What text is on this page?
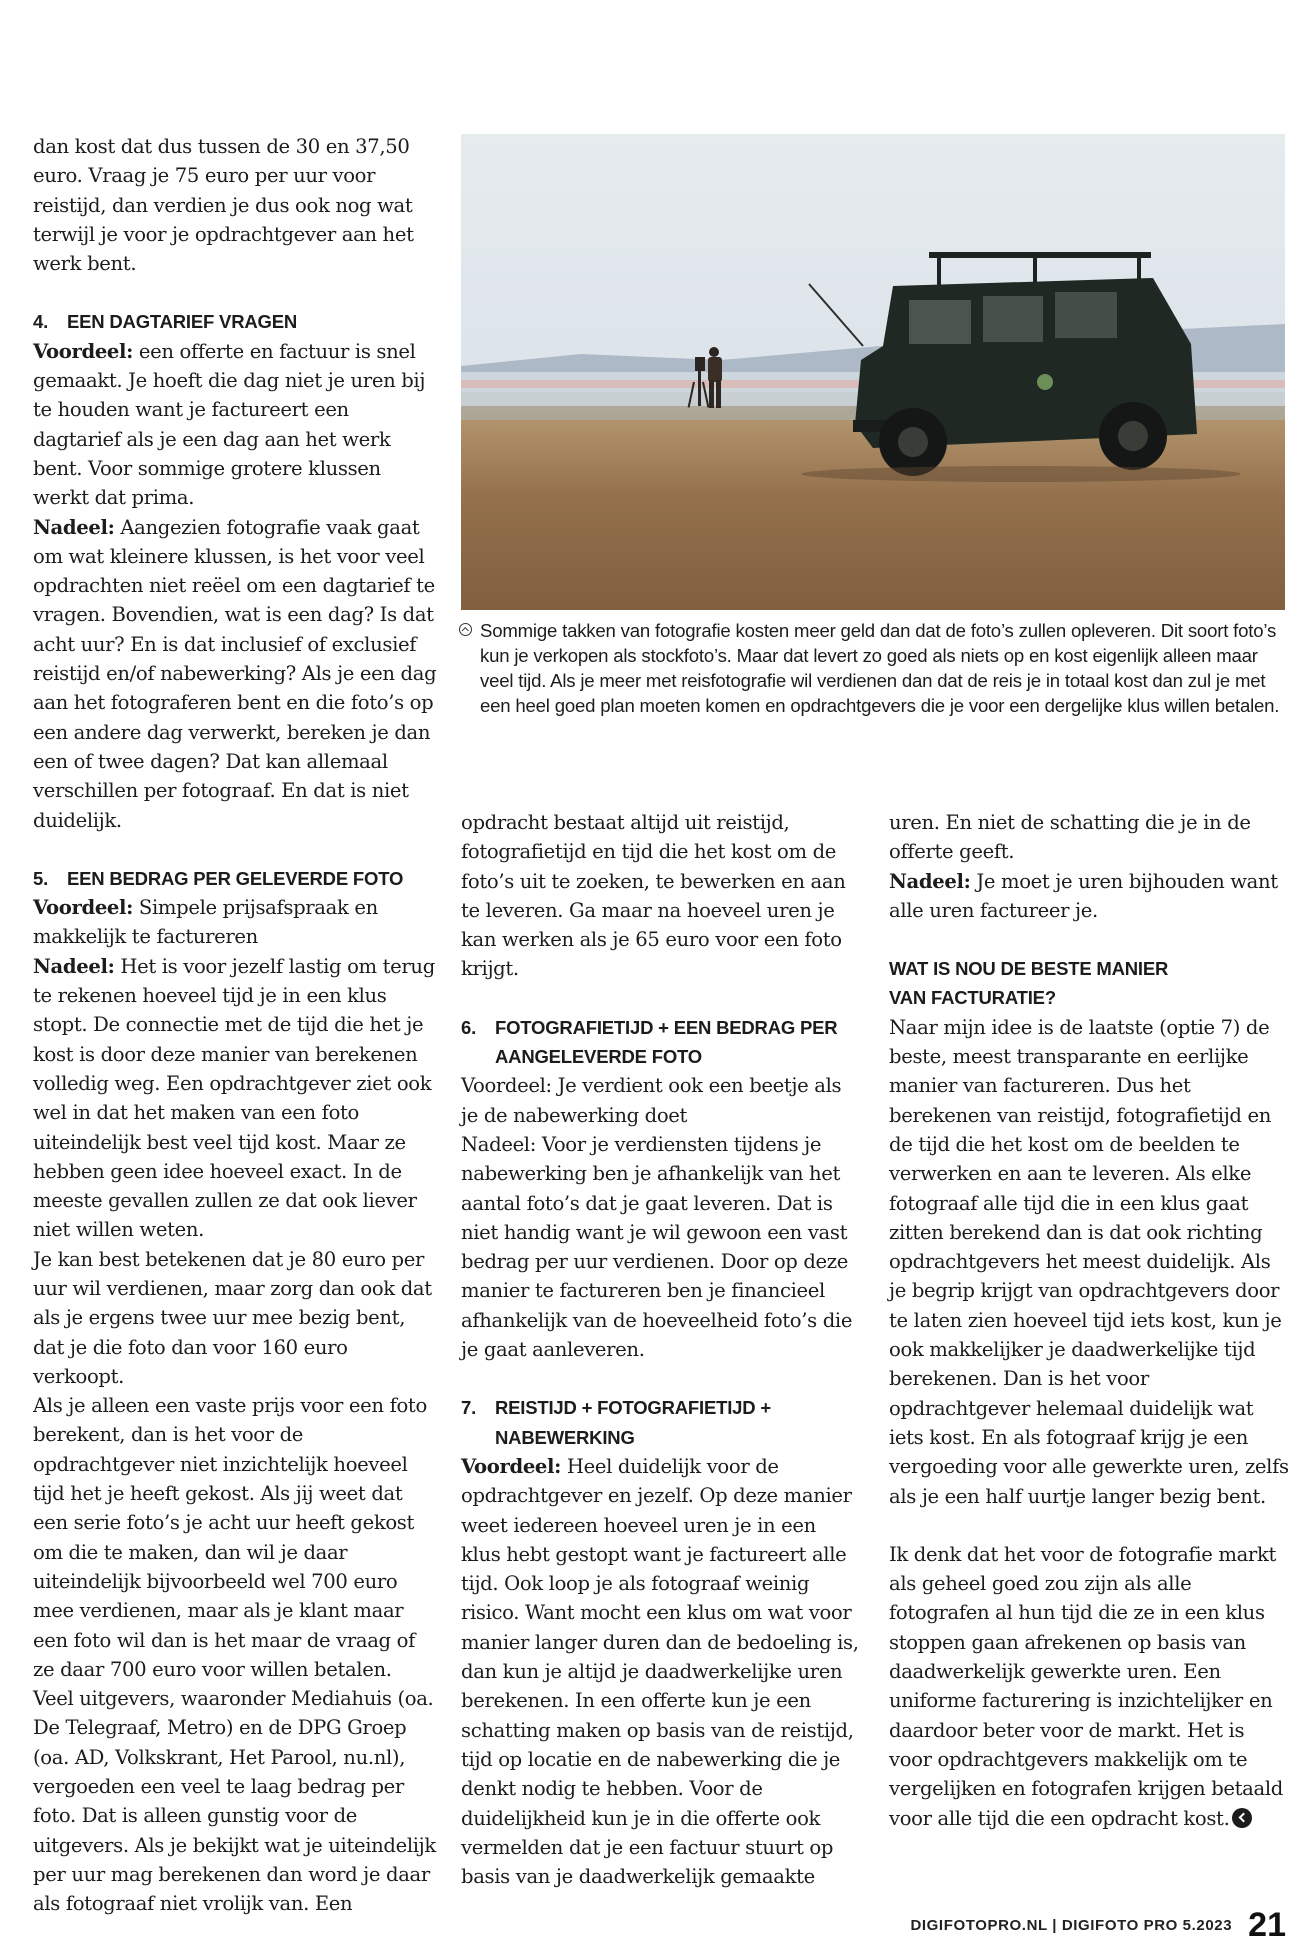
dan kost dat dus tussen de 30 en 37,50 euro. Vraag je 75 euro per uur voor reistijd, dan verdien je dus ook nog wat terwijl je voor je opdrachtgever aan het werk bent.

4. EEN DAGTARIEF VRAGEN

Voordeel: een offerte en factuur is snel gemaakt. Je hoeft die dag niet je uren bij te houden want je factureert een dagtarief als je een dag aan het werk bent. Voor sommige grotere klussen werkt dat prima.

Nadeel: Aangezien fotografie vaak gaat om wat kleinere klussen, is het voor veel opdrachten niet reëel om een dagtarief te vragen. Bovendien, wat is een dag? Is dat acht uur? En is dat inclusief of exclusief reistijd en/of nabewerking? Als je een dag aan het fotograferen bent en die foto’s op een andere dag verwerkt, bereken je dan een of twee dagen? Dat kan allemaal verschillen per fotograaf. En dat is niet duidelijk.

5. EEN BEDRAG PER GELEVERDE FOTO

Voordeel: Simpele prijsafspraak en makkelijk te factureren

Nadeel: Het is voor jezelf lastig om terug te rekenen hoeveel tijd je in een klus stopt. De connectie met de tijd die het je kost is door deze manier van berekenen volledig weg. Een opdrachtgever ziet ook wel in dat het maken van een foto uiteindelijk best veel tijd kost. Maar ze hebben geen idee hoeveel exact. In de meeste gevallen zullen ze dat ook liever niet willen weten.

Je kan best betekenen dat je 80 euro per uur wil verdienen, maar zorg dan ook dat als je ergens twee uur mee bezig bent, dat je die foto dan voor 160 euro verkoopt.

Als je alleen een vaste prijs voor een foto berekent, dan is het voor de opdrachtgever niet inzichtelijk hoeveel tijd het je heeft gekost. Als jij weet dat een serie foto’s je acht uur heeft gekost om die te maken, dan wil je daar uiteindelijk bijvoorbeeld wel 700 euro mee verdienen, maar als je klant maar een foto wil dan is het maar de vraag of ze daar 700 euro voor willen betalen.

Veel uitgevers, waaronder Mediahuis (oa. De Telegraaf, Metro) en de DPG Groep (oa. AD, Volkskrant, Het Parool, nu.nl), vergoeden een veel te laag bedrag per foto. Dat is alleen gunstig voor de uitgevers. Als je bekijkt wat je uiteindelijk per uur mag berekenen dan word je daar als fotograaf niet vrolijk van. Een

Sommige takken van fotografie kosten meer geld dan dat de foto’s zullen opleveren. Dit soort foto’s kun je verkopen als stockfoto’s. Maar dat levert zo goed als niets op en kost eigenlijk alleen maar veel tijd. Als je meer met reisfotografie wil verdienen dan dat de reis je in totaal kost dan zul je met een heel goed plan moeten komen en opdrachtgevers die je voor een dergelijke klus willen betalen.

opdracht bestaat altijd uit reistijd, fotografietijd en tijd die het kost om de foto’s uit te zoeken, te bewerken en aan te leveren. Ga maar na hoeveel uren je kan werken als je 65 euro voor een foto krijgt.

6. FOTOGRAFIETIJD + EEN BEDRAG PER
AANGELEVERDE FOTO

Voordeel: Je verdient ook een beetje als je de nabewerking doet

Nadeel: Voor je verdiensten tijdens je nabewerking ben je afhankelijk van het aantal foto’s dat je gaat leveren. Dat is niet handig want je wil gewoon een vast bedrag per uur verdienen. Door op deze manier te factureren ben je financieel afhankelijk van de hoeveelheid foto’s die je gaat aanleveren.

7. REISTIJD + FOTOGRAFIETIJD +
NABEWERKING

Voordeel: Heel duidelijk voor de opdrachtgever en jezelf. Op deze manier weet iedereen hoeveel uren je in een klus hebt gestopt want je factureert alle tijd. Ook loop je als fotograaf weinig risico. Want mocht een klus om wat voor manier langer duren dan de bedoeling is, dan kun je altijd je daadwerkelijke uren berekenen. In een offerte kun je een schatting maken op basis van de reistijd, tijd op locatie en de nabewerking die je denkt nodig te hebben. Voor de duidelijkheid kun je in die offerte ook vermelden dat je een factuur stuurt op basis van je daadwerkelijk gemaakte

uren. En niet de schatting die je in de offerte geeft.

Nadeel: Je moet je uren bijhouden want alle uren factureer je.

WAT IS NOU DE BESTE MANIER
VAN FACTURATIE?

Naar mijn idee is de laatste (optie 7) de beste, meest transparante en eerlijke manier van factureren. Dus het berekenen van reistijd, fotografietijd en de tijd die het kost om de beelden te verwerken en aan te leveren. Als elke fotograaf alle tijd die in een klus gaat zitten berekend dan is dat ook richting opdrachtgevers het meest duidelijk. Als je begrip krijgt van opdrachtgevers door te laten zien hoeveel tijd iets kost, kun je ook makkelijker je daadwerkelijke tijd berekenen. Dan is het voor opdrachtgever helemaal duidelijk wat iets kost. En als fotograaf krijg je een vergoeding voor alle gewerkte uren, zelfs als je een half uurtje langer bezig bent.

Ik denk dat het voor de fotografie markt als geheel goed zou zijn als alle fotografen al hun tijd die ze in een klus stoppen gaan afrekenen op basis van daadwerkelijk gewerkte uren. Een uniforme facturering is inzichtelijker en daardoor beter voor de markt. Het is voor opdrachtgevers makkelijk om te vergelijken en fotografen krijgen betaald voor alle tijd die een opdracht kost.

DIGIFOTOPRO.NL | DIGIFOTO PRO 5.2023 21
